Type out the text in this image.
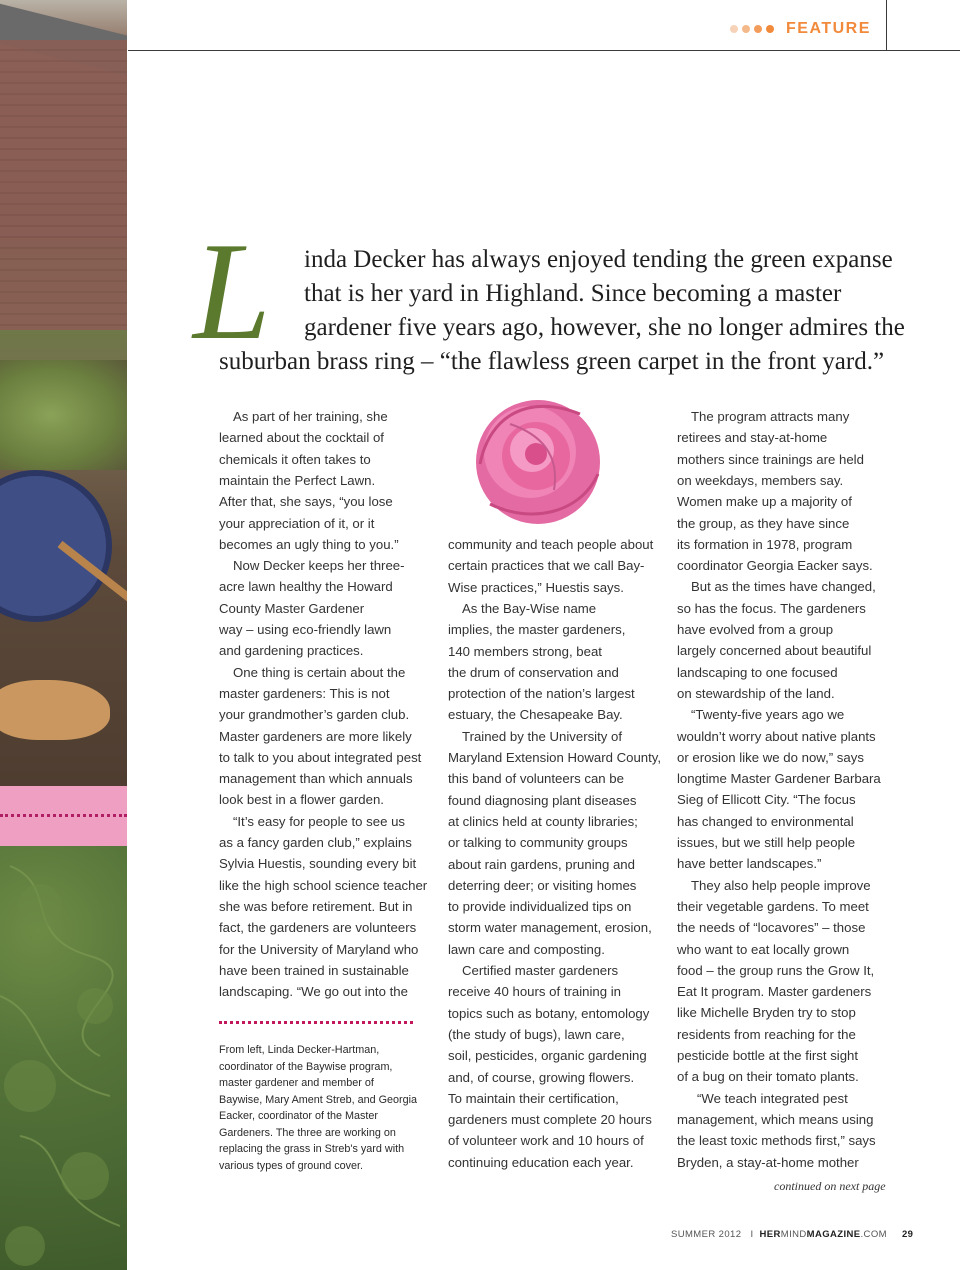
FEATURE
L inda Decker has always enjoyed tending the green expanse
that is her yard in Highland. Since becoming a master
gardener five years ago, however, she no longer admires the
suburban brass ring – “the flawless green carpet in the front yard.”
As part of her training, she
learned about the cocktail of
chemicals it often takes to
maintain the Perfect Lawn.
After that, she says, “you lose
your appreciation of it, or it
becomes an ugly thing to you.”
Now Decker keeps her three-
acre lawn healthy the Howard
County Master Gardener
way – using eco-friendly lawn
and gardening practices.
One thing is certain about the
master gardeners: This is not
your grandmother’s garden club.
Master gardeners are more likely
to talk to you about integrated pest
management than which annuals
look best in a flower garden.
“It’s easy for people to see us
as a fancy garden club,” explains
Sylvia Huestis, sounding every bit
like the high school science teacher
she was before retirement. But in
fact, the gardeners are volunteers
for the University of Maryland who
have been trained in sustainable
landscaping. “We go out into the
community and teach people about
certain practices that we call Bay-
Wise practices,” Huestis says.
As the Bay-Wise name
implies, the master gardeners,
140 members strong, beat
the drum of conservation and
protection of the nation’s largest
estuary, the Chesapeake Bay.
Trained by the University of
Maryland Extension Howard County,
this band of volunteers can be
found diagnosing plant diseases
at clinics held at county libraries;
or talking to community groups
about rain gardens, pruning and
deterring deer; or visiting homes
to provide individualized tips on
storm water management, erosion,
lawn care and composting.
Certified master gardeners
receive 40 hours of training in
topics such as botany, entomology
(the study of bugs), lawn care,
soil, pesticides, organic gardening
and, of course, growing flowers.
To maintain their certification,
gardeners must complete 20 hours
of volunteer work and 10 hours of
continuing education each year.
The program attracts many
retirees and stay-at-home
mothers since trainings are held
on weekdays, members say.
Women make up a majority of
the group, as they have since
its formation in 1978, program
coordinator Georgia Eacker says.
But as the times have changed,
so has the focus. The gardeners
have evolved from a group
largely concerned about beautiful
landscaping to one focused
on stewardship of the land.
“Twenty-five years ago we
wouldn’t worry about native plants
or erosion like we do now,” says
longtime Master Gardener Barbara
Sieg of Ellicott City. “The focus
has changed to environmental
issues, but we still help people
have better landscapes.”
They also help people improve
their vegetable gardens. To meet
the needs of “locavores” – those
who want to eat locally grown
food – the group runs the Grow It,
Eat It program. Master gardeners
like Michelle Bryden try to stop
residents from reaching for the
pesticide bottle at the first sight
of a bug on their tomato plants.
“We teach integrated pest
management, which means using
the least toxic methods first,” says
Bryden, a stay-at-home mother
From left, Linda Decker-Hartman,
coordinator of the Baywise program,
master gardener and member of
Baywise, Mary Ament Streb, and Georgia
Eacker, coordinator of the Master
Gardeners. The three are working on
replacing the grass in Streb's yard with
various types of ground cover.
continued on next page
SUMMER 2012 I HERMINDMAGAZINE.COM 29
